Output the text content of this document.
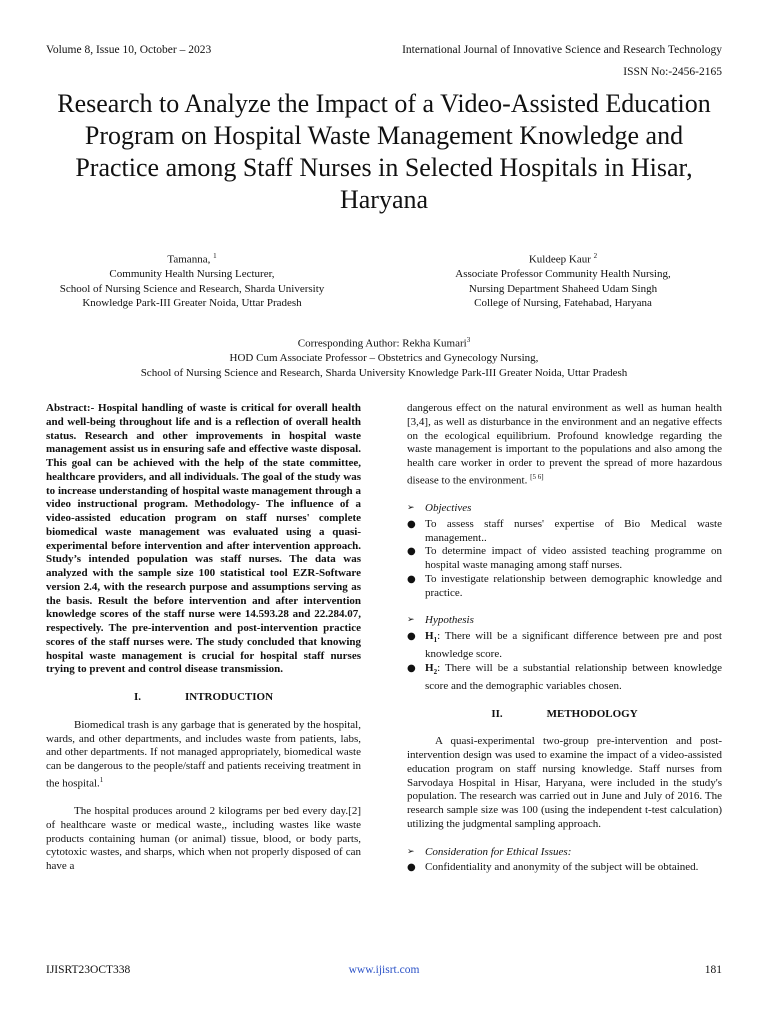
Volume 8, Issue 10, October – 2023	International Journal of Innovative Science and Research Technology
ISSN No:-2456-2165
Research to Analyze the Impact of a Video-Assisted Education Program on Hospital Waste Management Knowledge and Practice among Staff Nurses in Selected Hospitals in Hisar, Haryana
Tamanna, $^1$
Community Health Nursing Lecturer,
School of Nursing Science and Research, Sharda University
Knowledge Park-III Greater Noida, Uttar Pradesh
Kuldeep Kaur $^2$
Associate Professor Community Health Nursing,
Nursing Department Shaheed Udam Singh
College of Nursing, Fatehabad, Haryana
Corresponding Author: Rekha Kumari$^3$
HOD Cum Associate Professor – Obstetrics and Gynecology Nursing,
School of Nursing Science and Research, Sharda University Knowledge Park-III Greater Noida, Uttar Pradesh

Abstract:- Hospital handling of waste is critical for overall health and well-being throughout life and is a reflection of overall health status. Research and other improvements in hospital waste management assist us in ensuring safe and effective waste disposal. This goal can be achieved with the help of the state committee, healthcare providers, and all individuals. The goal of the study was to increase understanding of hospital waste management through a video instructional program. Methodology- The influence of a video-assisted education program on staff nurses' complete biomedical waste management was evaluated using a quasi-experimental before intervention and after intervention approach. Study’s intended population was staff nurses. The data was analyzed with the sample size 100 statistical tool EZR-Software version 2.4, with the research purpose and assumptions serving as the basis. Result the before intervention and after intervention knowledge scores of the staff nurse were 14.593.28 and 22.284.07, respectively. The pre-intervention and post-intervention practice scores of the staff nurses were. The study concluded that knowing hospital waste management is crucial for hospital staff nurses trying to prevent and control disease transmission.

I.	INTRODUCTION

Biomedical trash is any garbage that is generated by the hospital, wards, and other departments, and includes waste from patients, labs, and other departments. If not managed appropriately, biomedical waste can be dangerous to the people/staff and patients receiving treatment in the hospital.$^1$

The hospital produces around 2 kilograms per bed every day.[2] of healthcare waste or medical waste,, including wastes like waste products containing human (or animal) tissue, blood, or body parts, cytotoxic wastes, and sharps, which when not properly disposed of can have a

dangerous effect on the natural environment as well as human health [3,4], as well as disturbance in the environment and an negative effects on the ecological equilibrium. Profound knowledge regarding the waste management is important to the populations and also among the health care worker in order to prevent the spread of more hazardous disease to the environment. [5 6]

➢ Objectives
● To assess staff nurses' expertise of Bio Medical waste management..
● To determine impact of video assisted teaching programme on hospital waste managing among staff nurses.
● To investigate relationship between demographic knowledge and practice.
➢ Hypothesis
● $H_1$: There will be a significant difference between pre and post knowledge score.
● $H_2$: There will be a substantial relationship between knowledge score and the demographic variables chosen.
II.	METHODOLOGY

A quasi-experimental two-group pre-intervention and post-intervention design was used to examine the impact of a video-assisted education program on staff nursing knowledge. Staff nurses from Sarvodaya Hospital in Hisar, Haryana, were included in the study's population. The research was carried out in June and July of 2016. The research sample size was 100 (using the independent t-test calculation) utilizing the judgmental sampling approach.

➢ Consideration for Ethical Issues:
● Confidentiality and anonymity of the subject will be obtained.
IJISRT23OCT338	www.ijisrt.com	181
